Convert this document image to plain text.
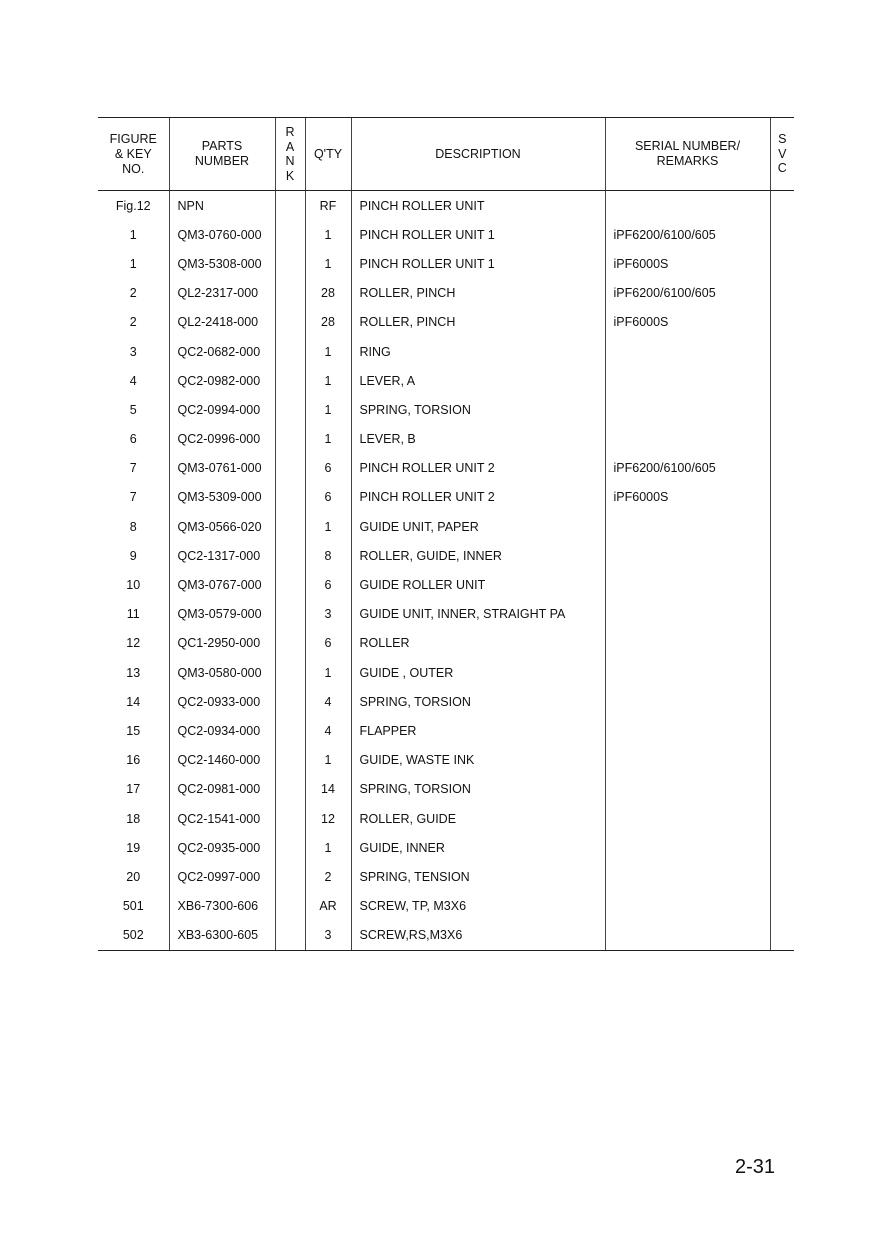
FIGURE
& KEY
NO.	PARTS
NUMBER	R
A
N
K	Q'TY	DESCRIPTION	SERIAL NUMBER/
REMARKS	S
V
C
Fig.12	NPN		RF	PINCH ROLLER UNIT		
1	QM3-0760-000		1	PINCH ROLLER UNIT 1	iPF6200/6100/605	
1	QM3-5308-000		1	PINCH ROLLER UNIT 1	iPF6000S	
2	QL2-2317-000		28	ROLLER, PINCH	iPF6200/6100/605	
2	QL2-2418-000		28	ROLLER, PINCH	iPF6000S	
3	QC2-0682-000		1	RING		
4	QC2-0982-000		1	LEVER, A		
5	QC2-0994-000		1	SPRING, TORSION		
6	QC2-0996-000		1	LEVER, B		
7	QM3-0761-000		6	PINCH ROLLER UNIT 2	iPF6200/6100/605	
7	QM3-5309-000		6	PINCH ROLLER UNIT 2	iPF6000S	
8	QM3-0566-020		1	GUIDE UNIT, PAPER		
9	QC2-1317-000		8	ROLLER, GUIDE, INNER		
10	QM3-0767-000		6	GUIDE ROLLER UNIT		
11	QM3-0579-000		3	GUIDE UNIT, INNER, STRAIGHT PA		
12	QC1-2950-000		6	ROLLER		
13	QM3-0580-000		1	GUIDE , OUTER		
14	QC2-0933-000		4	SPRING, TORSION		
15	QC2-0934-000		4	FLAPPER		
16	QC2-1460-000		1	GUIDE, WASTE INK		
17	QC2-0981-000		14	SPRING, TORSION		
18	QC2-1541-000		12	ROLLER, GUIDE		
19	QC2-0935-000		1	GUIDE, INNER		
20	QC2-0997-000		2	SPRING, TENSION		
501	XB6-7300-606		AR	SCREW, TP, M3X6		
502	XB3-6300-605		3	SCREW,RS,M3X6		
2-31
